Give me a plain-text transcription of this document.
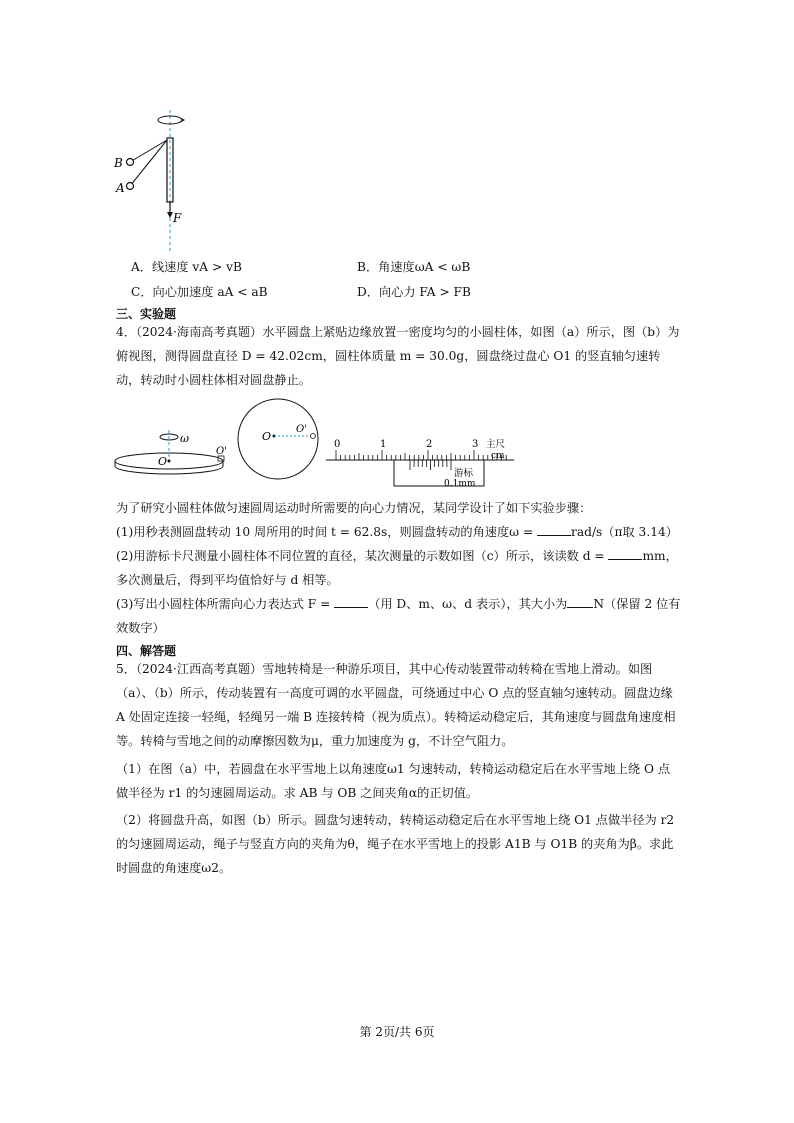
B
A
F
A．线速度 vA > vB	B．角速度ωA < ωB
C．向心加速度 aA < aB	D．向心力 FA > FB
三、实验题
4．（2024·海南高考真题）水平圆盘上紧贴边缘放置一密度均匀的小圆柱体，如图（a）所示，图（b）为俯视图，测得圆盘直径 D = 42.02cm，圆柱体质量 m = 30.0g，圆盘绕过盘心 O1 的竖直轴匀速转动，转动时小圆柱体相对圆盘静止。
ω
O
O'
O
O'
0	1	2	3 主尺
cm
游标
0.1mm
为了研究小圆柱体做匀速圆周运动时所需要的向心力情况，某同学设计了如下实验步骤：
(1)用秒表测圆盘转动 10 周所用的时间 t = 62.8s，则圆盘转动的角速度ω =	rad/s（π取 3.14）
(2)用游标卡尺测量小圆柱体不同位置的直径，某次测量的示数如图（c）所示，该读数 d =	mm，多次测量后，得到平均值恰好与 d 相等。
(3)写出小圆柱体所需向心力表达式 F =	（用 D、m、ω、d 表示），其大小为 N（保留 2 位有效数字）
四、解答题
5．（2024·江西高考真题）雪地转椅是一种游乐项目，其中心传动装置带动转椅在雪地上滑动。如图（a）、（b）所示，传动装置有一高度可调的水平圆盘，可绕通过中心 O 点的竖直轴匀速转动。圆盘边缘 A 处固定连接一轻绳，轻绳另一端 B 连接转椅（视为质点）。转椅运动稳定后，其角速度与圆盘角速度相等。转椅与雪地之间的动摩擦因数为μ，重力加速度为 g，不计空气阻力。
（1）在图（a）中，若圆盘在水平雪地上以角速度ω1 匀速转动，转椅运动稳定后在水平雪地上绕 O 点做半径为 r1 的匀速圆周运动。求 AB 与 OB 之间夹角α的正切值。
（2）将圆盘升高，如图（b）所示。圆盘匀速转动，转椅运动稳定后在水平雪地上绕 O1 点做半径为 r2 的匀速圆周运动，绳子与竖直方向的夹角为θ，绳子在水平雪地上的投影 A1B 与 O1B 的夹角为β。求此时圆盘的角速度ω2。
第 2页/共 6页
